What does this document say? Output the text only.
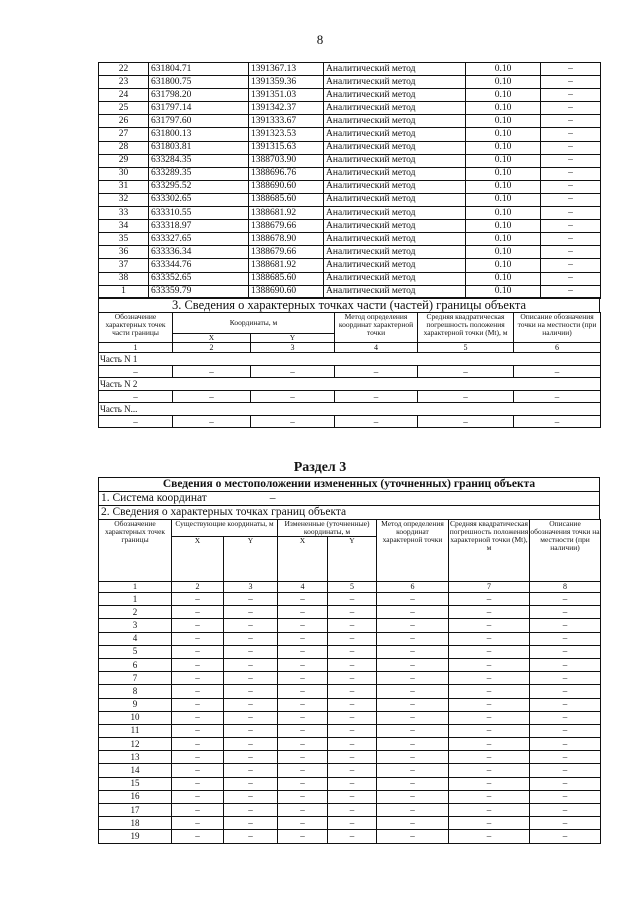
8
22	631804.71	1391367.13	Аналитический метод	0.10	–
23	631800.75	1391359.36	Аналитический метод	0.10	–
24	631798.20	1391351.03	Аналитический метод	0.10	–
25	631797.14	1391342.37	Аналитический метод	0.10	–
26	631797.60	1391333.67	Аналитический метод	0.10	–
27	631800.13	1391323.53	Аналитический метод	0.10	–
28	631803.81	1391315.63	Аналитический метод	0.10	–
29	633284.35	1388703.90	Аналитический метод	0.10	–
30	633289.35	1388696.76	Аналитический метод	0.10	–
31	633295.52	1388690.60	Аналитический метод	0.10	–
32	633302.65	1388685.60	Аналитический метод	0.10	–
33	633310.55	1388681.92	Аналитический метод	0.10	–
34	633318.97	1388679.66	Аналитический метод	0.10	–
35	633327.65	1388678.90	Аналитический метод	0.10	–
36	633336.34	1388679.66	Аналитический метод	0.10	–
37	633344.76	1388681.92	Аналитический метод	0.10	–
38	633352.65	1388685.60	Аналитический метод	0.10	–
1	633359.79	1388690.60	Аналитический метод	0.10	–
3. Сведения о характерных точках части (частей) границы объекта
Обозначение характерных точек части границы	Координаты, м		Метод определения координат характерной точки	Средняя квадратическая погрешность положения характерной точки (Mt), м	Описание обозначения точки на местности (при наличии)
	X	Y			
1	2	3	4	5	6
Часть N 1					
–	–	–	–	–	–
Часть N 2					
–	–	–	–	–	–
Часть N...					
–	–	–	–	–	–
Раздел 3
Сведения о местоположении измененных (уточненных) границ объекта
1. Система координат	–
2. Сведения о характерных точках границ объекта
Обозначение характерных точек границы	Существующие координаты, м		Измененные (уточненные) координаты, м		Метод определения координат характерной точки	Средняя квадратическая погрешность положения характерной точки (Mt), м	Описание обозначения точки на местности (при наличии)
	X	Y	X	Y			
1	2	3	4	5	6	7	8
1	–	–	–	–	–	–	–
2	–	–	–	–	–	–	–
3	–	–	–	–	–	–	–
4	–	–	–	–	–	–	–
5	–	–	–	–	–	–	–
6	–	–	–	–	–	–	–
7	–	–	–	–	–	–	–
8	–	–	–	–	–	–	–
9	–	–	–	–	–	–	–
10	–	–	–	–	–	–	–
11	–	–	–	–	–	–	–
12	–	–	–	–	–	–	–
13	–	–	–	–	–	–	–
14	–	–	–	–	–	–	–
15	–	–	–	–	–	–	–
16	–	–	–	–	–	–	–
17	–	–	–	–	–	–	–
18	–	–	–	–	–	–	–
19	–	–	–	–	–	–	–
